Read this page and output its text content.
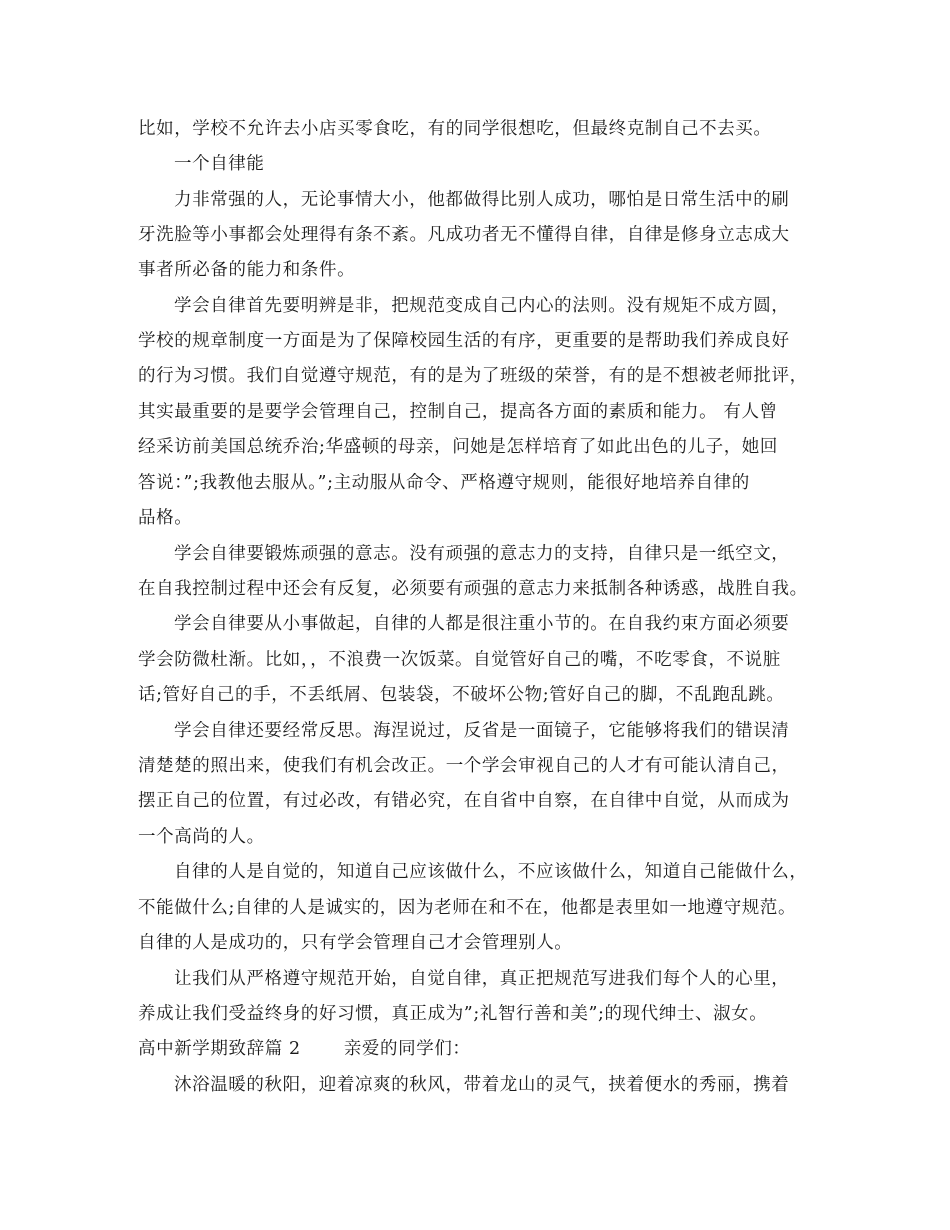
比如，学校不允许去小店买零食吃，有的同学很想吃，但最终克制自己不去买。
一个自律能
力非常强的人，无论事情大小，他都做得比别人成功，哪怕是日常生活中的刷
牙洗脸等小事都会处理得有条不紊。凡成功者无不懂得自律，自律是修身立志成大
事者所必备的能力和条件。
学会自律首先要明辨是非，把规范变成自己内心的法则。没有规矩不成方圆，
学校的规章制度一方面是为了保障校园生活的有序，更重要的是帮助我们养成良好
的行为习惯。我们自觉遵守规范，有的是为了班级的荣誉，有的是不想被老师批评，
其实最重要的是要学会管理自己，控制自己，提高各方面的素质和能力。 有人曾
经采访前美国总统乔治;华盛顿的母亲，问她是怎样培育了如此出色的儿子，她回
答说：”;我教他去服从。”;主动服从命令、严格遵守规则，能很好地培养自律的
品格。
学会自律要锻炼顽强的意志。没有顽强的意志力的支持，自律只是一纸空文，
在自我控制过程中还会有反复，必须要有顽强的意志力来抵制各种诱惑，战胜自我。
学会自律要从小事做起，自律的人都是很注重小节的。在自我约束方面必须要
学会防微杜渐。比如，，不浪费一次饭菜。自觉管好自己的嘴，不吃零食，不说脏
话;管好自己的手，不丢纸屑、包装袋，不破坏公物;管好自己的脚，不乱跑乱跳。
学会自律还要经常反思。海涅说过，反省是一面镜子，它能够将我们的错误清
清楚楚的照出来，使我们有机会改正。一个学会审视自己的人才有可能认清自己，
摆正自己的位置，有过必改，有错必究，在自省中自察，在自律中自觉，从而成为
一个高尚的人。
自律的人是自觉的，知道自己应该做什么，不应该做什么，知道自己能做什么，
不能做什么;自律的人是诚实的，因为老师在和不在，他都是表里如一地遵守规范。
自律的人是成功的，只有学会管理自己才会管理别人。
让我们从严格遵守规范开始，自觉自律，真正把规范写进我们每个人的心里，
养成让我们受益终身的好习惯，真正成为”;礼智行善和美”;的现代绅士、淑女。
高中新学期致辞篇 2       亲爱的同学们：
沐浴温暖的秋阳，迎着凉爽的秋风，带着龙山的灵气，挟着便水的秀丽，携着
